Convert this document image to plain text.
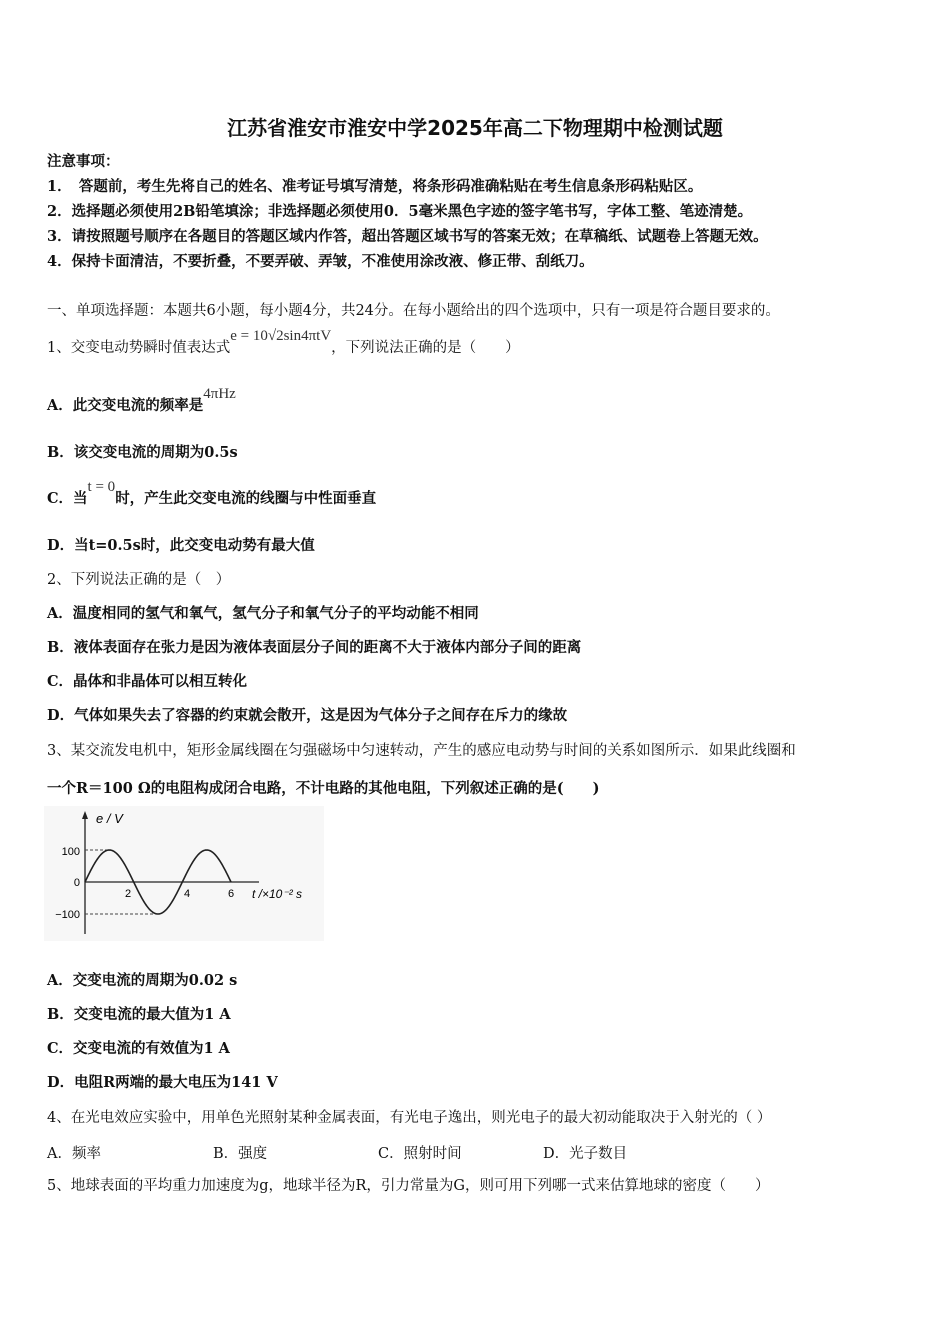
江苏省淮安市淮安中学2025年高二下物理期中检测试题
注意事项：
1．　答题前，考生先将自己的姓名、准考证号填写清楚，将条形码准确粘贴在考生信息条形码粘贴区。
2．选择题必须使用2B铅笔填涂；非选择题必须使用0．5毫米黑色字迹的签字笔书写，字体工整、笔迹清楚。
3．请按照题号顺序在各题目的答题区域内作答，超出答题区域书写的答案无效；在草稿纸、试题卷上答题无效。
4．保持卡面清洁，不要折叠，不要弄破、弄皱，不准使用涂改液、修正带、刮纸刀。
一、单项选择题：本题共6小题，每小题4分，共24分。在每小题给出的四个选项中，只有一项是符合题目要求的。
1、交变电动势瞬时值表达式e = 10√2sin4πtV，下列说法正确的是（　　）
A．此交变电流的频率是4πHz
B．该交变电流的周期为0.5s
C．当t = 0时，产生此交变电流的线圈与中性面垂直
D．当t=0.5s时，此交变电动势有最大值
2、下列说法正确的是（　）
A．温度相同的氢气和氧气，氢气分子和氧气分子的平均动能不相同
B．液体表面存在张力是因为液体表面层分子间的距离不大于液体内部分子间的距离
C．晶体和非晶体可以相互转化
D．气体如果失去了容器的约束就会散开，这是因为气体分子之间存在斥力的缘故
3、某交流发电机中，矩形金属线圈在匀强磁场中匀速转动，产生的感应电动势与时间的关系如图所示．如果此线圈和
一个R＝100 Ω的电阻构成闭合电路，不计电路的其他电阻，下列叙述正确的是(　　)
e / V
t /×10⁻² s
100
0
−100
2	4	6
A．交变电流的周期为0.02 s
B．交变电流的最大值为1 A
C．交变电流的有效值为1 A
D．电阻R两端的最大电压为141 V
4、在光电效应实验中，用单色光照射某种金属表面，有光电子逸出，则光电子的最大初动能取决于入射光的（ ）
A．频率	B．强度	C．照射时间	D．光子数目
5、地球表面的平均重力加速度为g，地球半径为R，引力常量为G，则可用下列哪一式来估算地球的密度（　　）
